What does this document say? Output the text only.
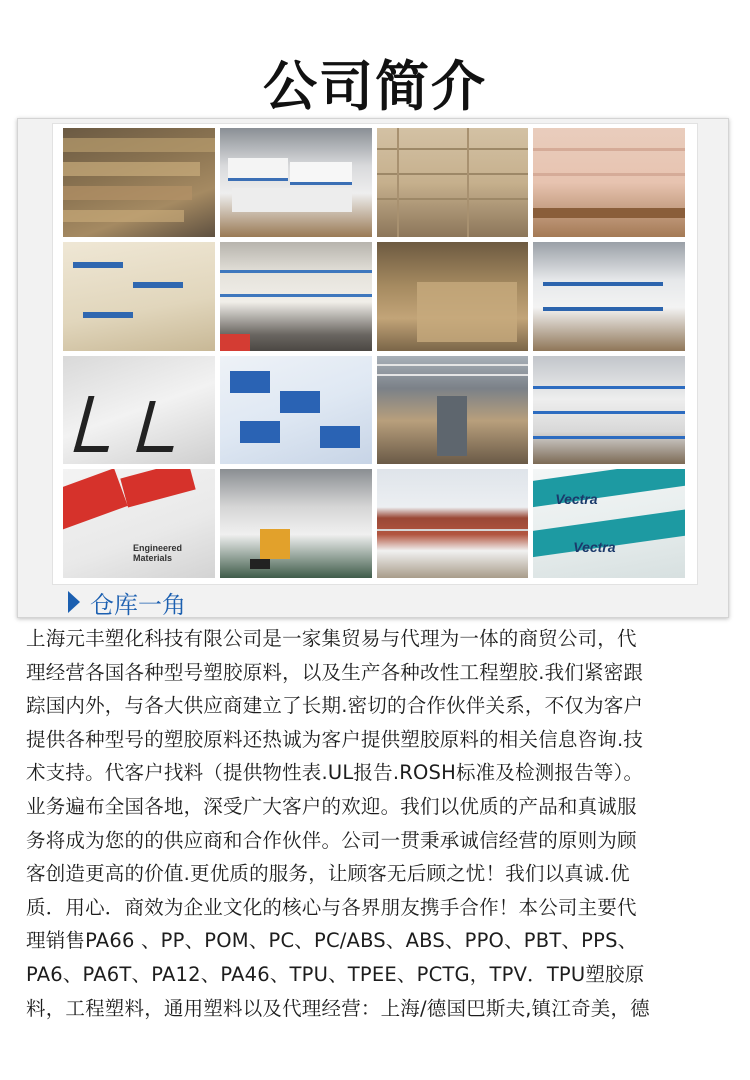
公司简介
Engineered Materials
Vectra
Vectra
仓库一角

上海元丰塑化科技有限公司是一家集贸易与代理为一体的商贸公司，代

理经营各国各种型号塑胶原料，以及生产各种改性工程塑胶.我们紧密跟

踪国内外，与各大供应商建立了长期.密切的合作伙伴关系，不仅为客户

提供各种型号的塑胶原料还热诚为客户提供塑胶原料的相关信息咨询.技

术支持。代客户找料（提供物性表.UL报告.ROSH标准及检测报告等）。

业务遍布全国各地，深受广大客户的欢迎。我们以优质的产品和真诚服

务将成为您的的供应商和合作伙伴。公司一贯秉承诚信经营的原则为顾

客创造更高的价值.更优质的服务，让顾客无后顾之忧！我们以真诚.优

质．用心．商效为企业文化的核心与各界朋友携手合作！本公司主要代

理销售PA66 、PP、POM、PC、PC/ABS、ABS、PPO、PBT、PPS、

PA6、PA6T、PA12、PA46、TPU、TPEE、PCTG，TPV．TPU塑胶原

料，工程塑料，通用塑料以及代理经营：上海/德国巴斯夫,镇江奇美，德
